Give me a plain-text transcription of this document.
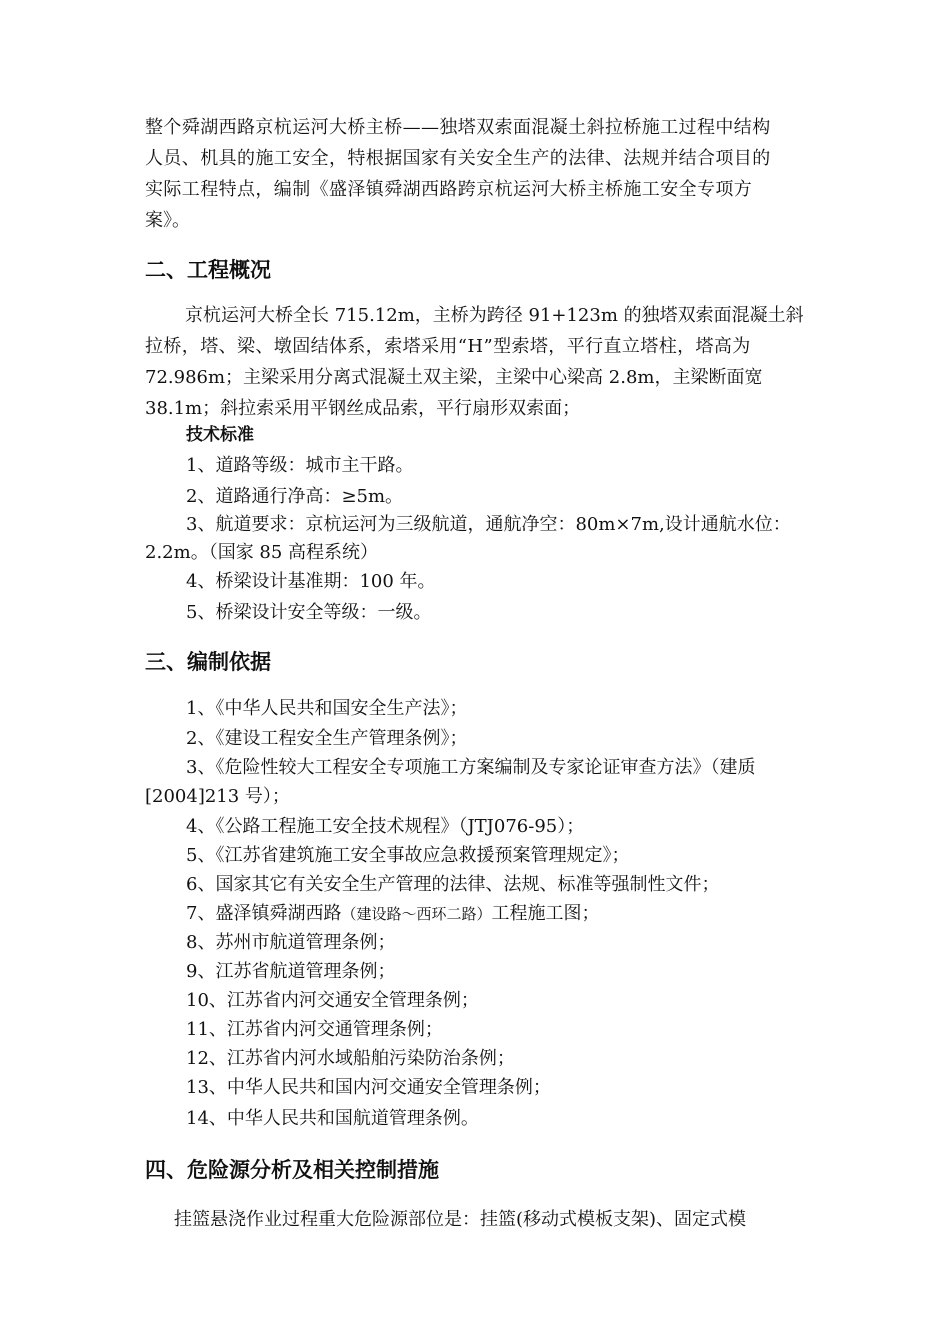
整个舜湖西路京杭运河大桥主桥——独塔双索面混凝土斜拉桥施工过程中结构

人员、机具的施工安全，特根据国家有关安全生产的法律、法规并结合项目的

实际工程特点，编制《盛泽镇舜湖西路跨京杭运河大桥主桥施工安全专项方

案》。

二、工程概况

京杭运河大桥全长 715.12m，主桥为跨径 91+123m 的独塔双索面混凝土斜

拉桥，塔、梁、墩固结体系，索塔采用“H”型索塔，平行直立塔柱，塔高为

72.986m；主梁采用分离式混凝土双主梁，主梁中心梁高 2.8m，主梁断面宽

38.1m；斜拉索采用平钢丝成品索，平行扇形双索面；

技术标准

1、道路等级：城市主干路。

2、道路通行净高：≥5m。

3、航道要求：京杭运河为三级航道，通航净空：80m×7m,设计通航水位：

2.2m。（国家 85 高程系统）

4、桥梁设计基准期：100 年。

5、桥梁设计安全等级：一级。

三、编制依据

1、《中华人民共和国安全生产法》；

2、《建设工程安全生产管理条例》；

3、《危险性较大工程安全专项施工方案编制及专家论证审查方法》（建质

[2004]213 号）；

4、《公路工程施工安全技术规程》（JTJ076-95）；

5、《江苏省建筑施工安全事故应急救援预案管理规定》；

6、国家其它有关安全生产管理的法律、法规、标准等强制性文件；

7、盛泽镇舜湖西路（建设路～西环二路）工程施工图；

8、苏州市航道管理条例；

9、江苏省航道管理条例；

10、江苏省内河交通安全管理条例；

11、江苏省内河交通管理条例；

12、江苏省内河水域船舶污染防治条例；

13、中华人民共和国内河交通安全管理条例；

14、中华人民共和国航道管理条例。

四、危险源分析及相关控制措施

挂篮悬浇作业过程重大危险源部位是：挂篮(移动式模板支架)、固定式模
